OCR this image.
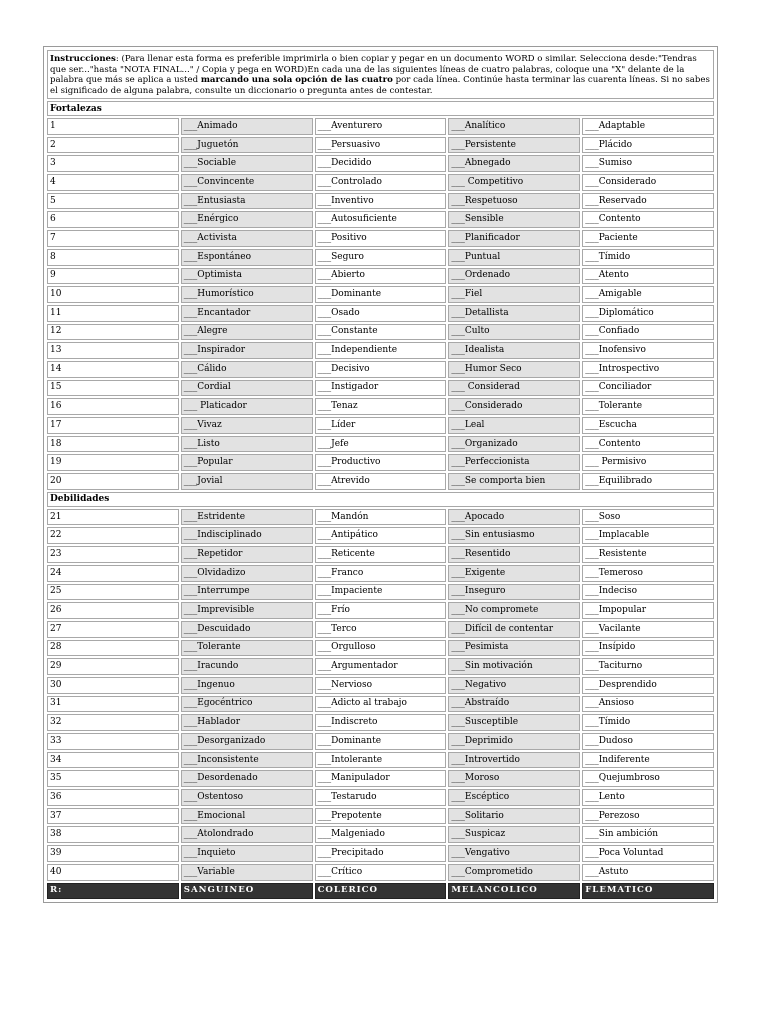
Instrucciones: (Para llenar esta forma es preferible imprimirla o bien copiar y pegar en un documento WORD o similar. Selecciona desde:"Tendras que ser..."hasta "NOTA FINAL..." / Copia y pega en WORD)En cada una de las siguientes líneas de cuatro palabras, coloque una "X" delante de la palabra que más se aplica a usted marcando una sola opción de las cuatro por cada línea. Continúe hasta terminar las cuarenta líneas. Si no sabes el significado de alguna palabra, consulte un diccionario o pregunta antes de contestar.				
Fortalezas				
1	___Animado	___Aventurero	___Analítico	___Adaptable
2	___Juguetón	___Persuasivo	___Persistente	___Plácido
3	___Sociable	___Decidido	___Abnegado	___Sumiso
4	___Convincente	___Controlado	___ Competitivo	___Considerado
5	___Entusiasta	___Inventivo	___Respetuoso	___Reservado
6	___Enérgico	___Autosuficiente	___Sensible	___Contento
7	___Activista	___Positivo	___Planificador	___Paciente
8	___Espontáneo	___Seguro	___Puntual	___Tímido
9	___Optimista	___Abierto	___Ordenado	___Atento
10	___Humorístico	___Dominante	___Fiel	___Amigable
11	___Encantador	___Osado	___Detallista	___Diplomático
12	___Alegre	___Constante	___Culto	___Confiado
13	___Inspirador	___Independiente	___Idealista	___Inofensivo
14	___Cálido	___Decisivo	___Humor Seco	___Introspectivo
15	___Cordial	___Instigador	___ Considerad	___Conciliador
16	___ Platicador	___Tenaz	___Considerado	___Tolerante
17	___Vivaz	___Líder	___Leal	___Escucha
18	___Listo	___Jefe	___Organizado	___Contento
19	___Popular	___Productivo	___Perfeccionista	___ Permisivo
20	___Jovial	___Atrevido	___Se comporta bien	___Equilibrado
Debilidades				
21	___Estridente	___Mandón	___Apocado	___Soso
22	___Indisciplinado	___Antipático	___Sin entusiasmo	___Implacable
23	___Repetidor	___Reticente	___Resentido	___Resistente
24	___Olvidadizo	___Franco	___Exigente	___Temeroso
25	___Interrumpe	___Impaciente	___Inseguro	___Indeciso
26	___Imprevisible	___Frío	___No compromete	___Impopular
27	___Descuidado	___Terco	___Difícil de contentar	___Vacilante
28	___Tolerante	___Orgulloso	___Pesimista	___Insípido
29	___Iracundo	___Argumentador	___Sin motivación	___Taciturno
30	___Ingenuo	___Nervioso	___Negativo	___Desprendido
31	___Egocéntrico	___Adicto al trabajo	___Abstraído	___Ansioso
32	___Hablador	___Indiscreto	___Susceptible	___Tímido
33	___Desorganizado	___Dominante	___Deprimido	___Dudoso
34	___Inconsistente	___Intolerante	___Introvertido	___Indiferente
35	___Desordenado	___Manipulador	___Moroso	___Quejumbroso
36	___Ostentoso	___Testarudo	___Escéptico	___Lento
37	___Emocional	___Prepotente	___Solitario	___Perezoso
38	___Atolondrado	___Malgeniado	___Suspicaz	___Sin ambición
39	___Inquieto	___Precipitado	___Vengativo	___Poca Voluntad
40	___Variable	___Crítico	___Comprometido	___Astuto
R:	SANGUINEO	COLERICO	MELANCOLICO	FLEMATICO
